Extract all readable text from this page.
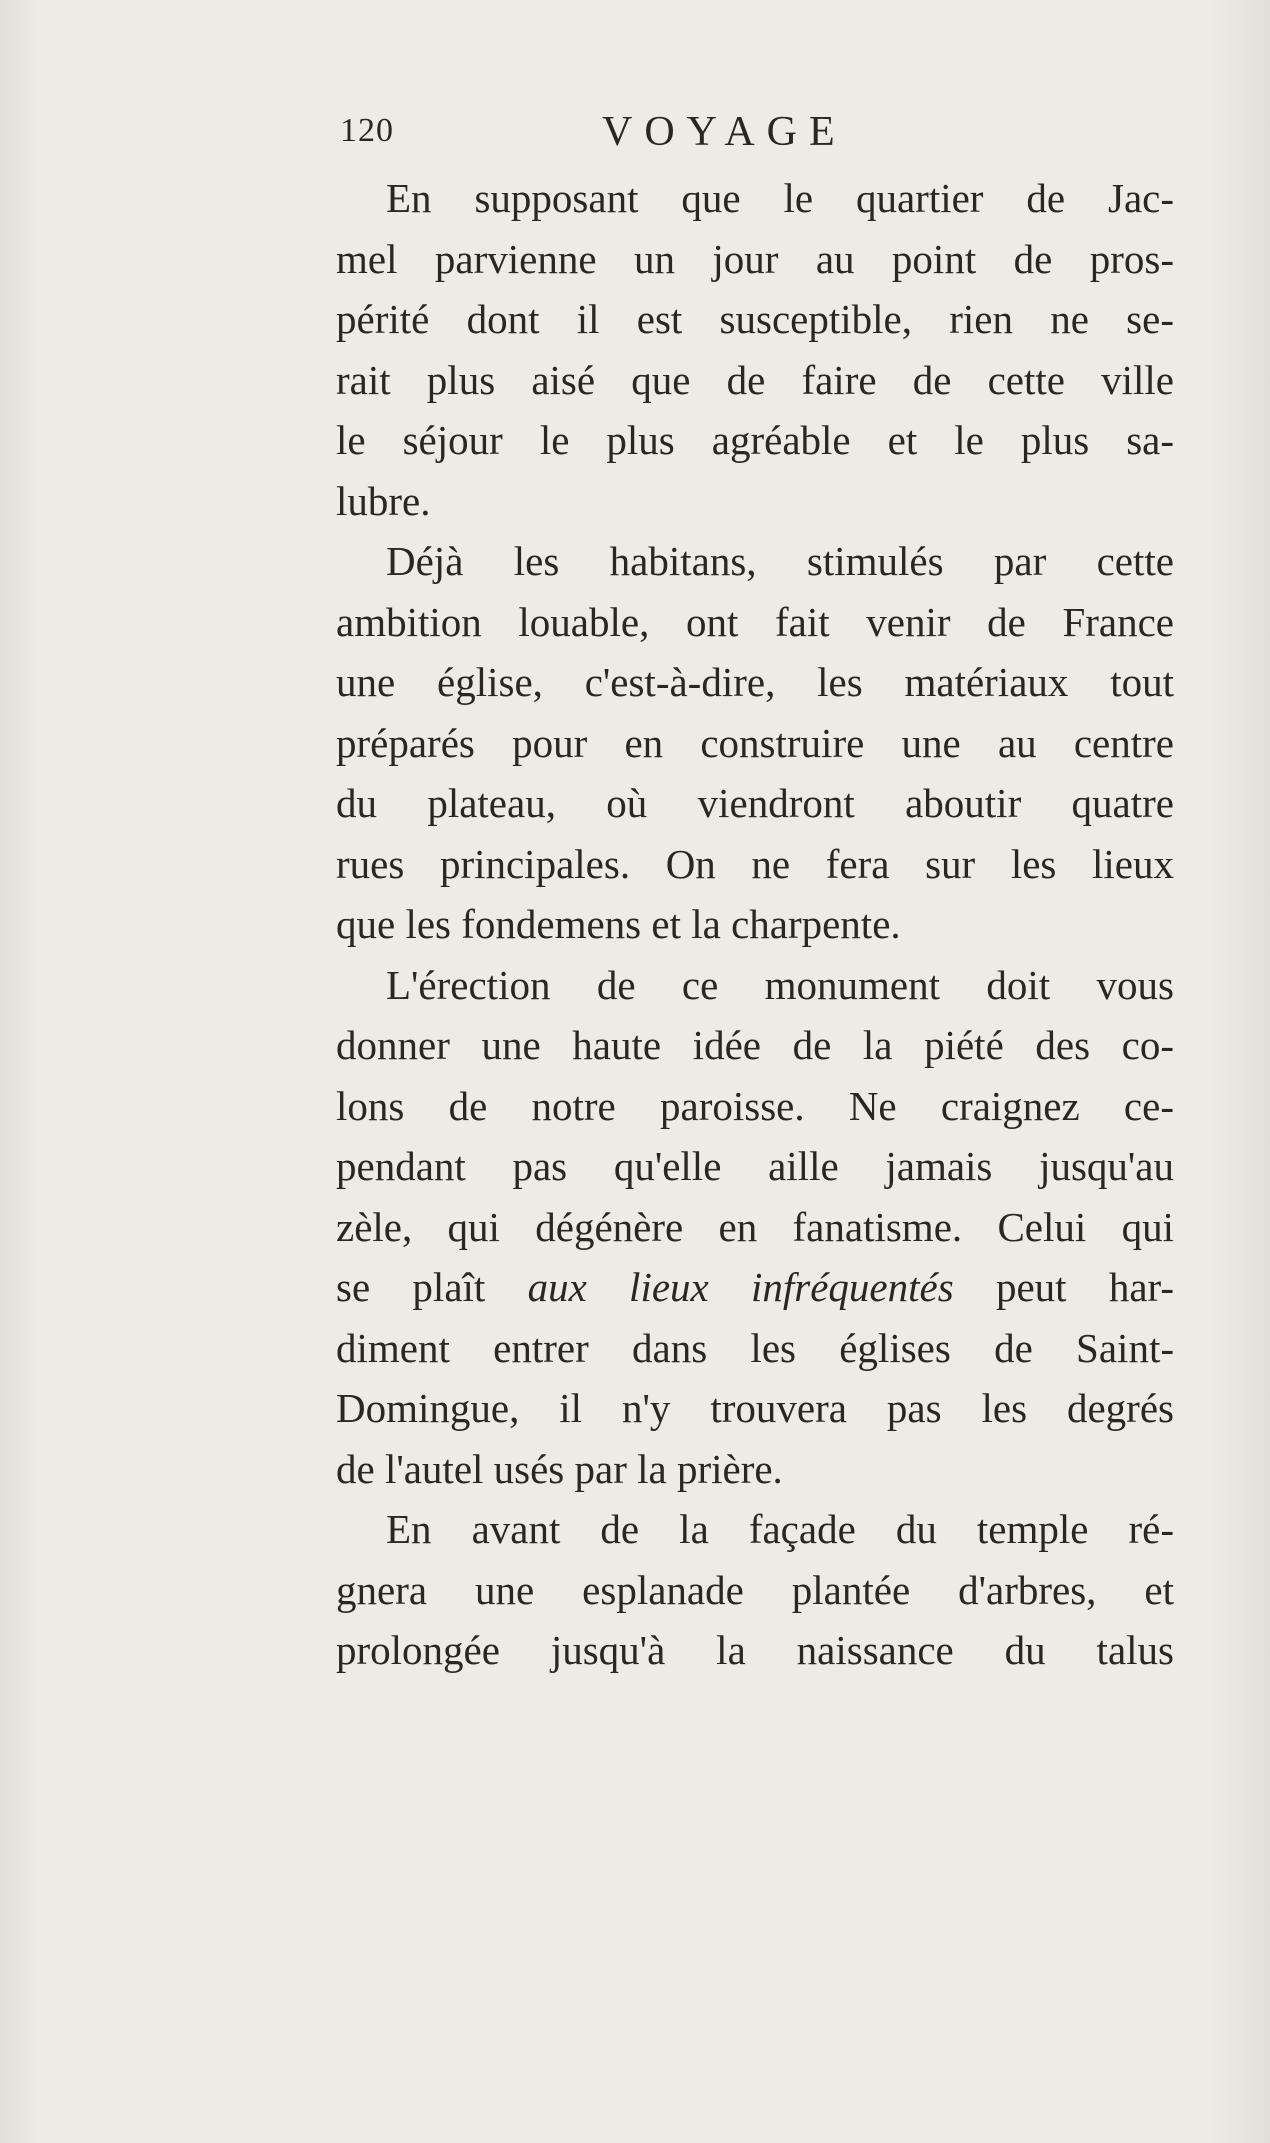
120	VOYAGE
En supposant que le quartier de Jac-
mel parvienne un jour au point de pros-
périté dont il est susceptible, rien ne se-
rait plus aisé que de faire de cette ville
le séjour le plus agréable et le plus sa-
lubre.
Déjà les habitans, stimulés par cette
ambition louable, ont fait venir de France
une église, c'est-à-dire, les matériaux tout
préparés pour en construire une au centre
du plateau, où viendront aboutir quatre
rues principales. On ne fera sur les lieux
que les fondemens et la charpente.
L'érection de ce monument doit vous
donner une haute idée de la piété des co-
lons de notre paroisse. Ne craignez ce-
pendant pas qu'elle aille jamais jusqu'au
zèle, qui dégénère en fanatisme. Celui qui
se plaît aux lieux infréquentés peut har-
diment entrer dans les églises de Saint-
Domingue, il n'y trouvera pas les degrés
de l'autel usés par la prière.
En avant de la façade du temple ré-
gnera une esplanade plantée d'arbres, et
prolongée jusqu'à la naissance du talus
